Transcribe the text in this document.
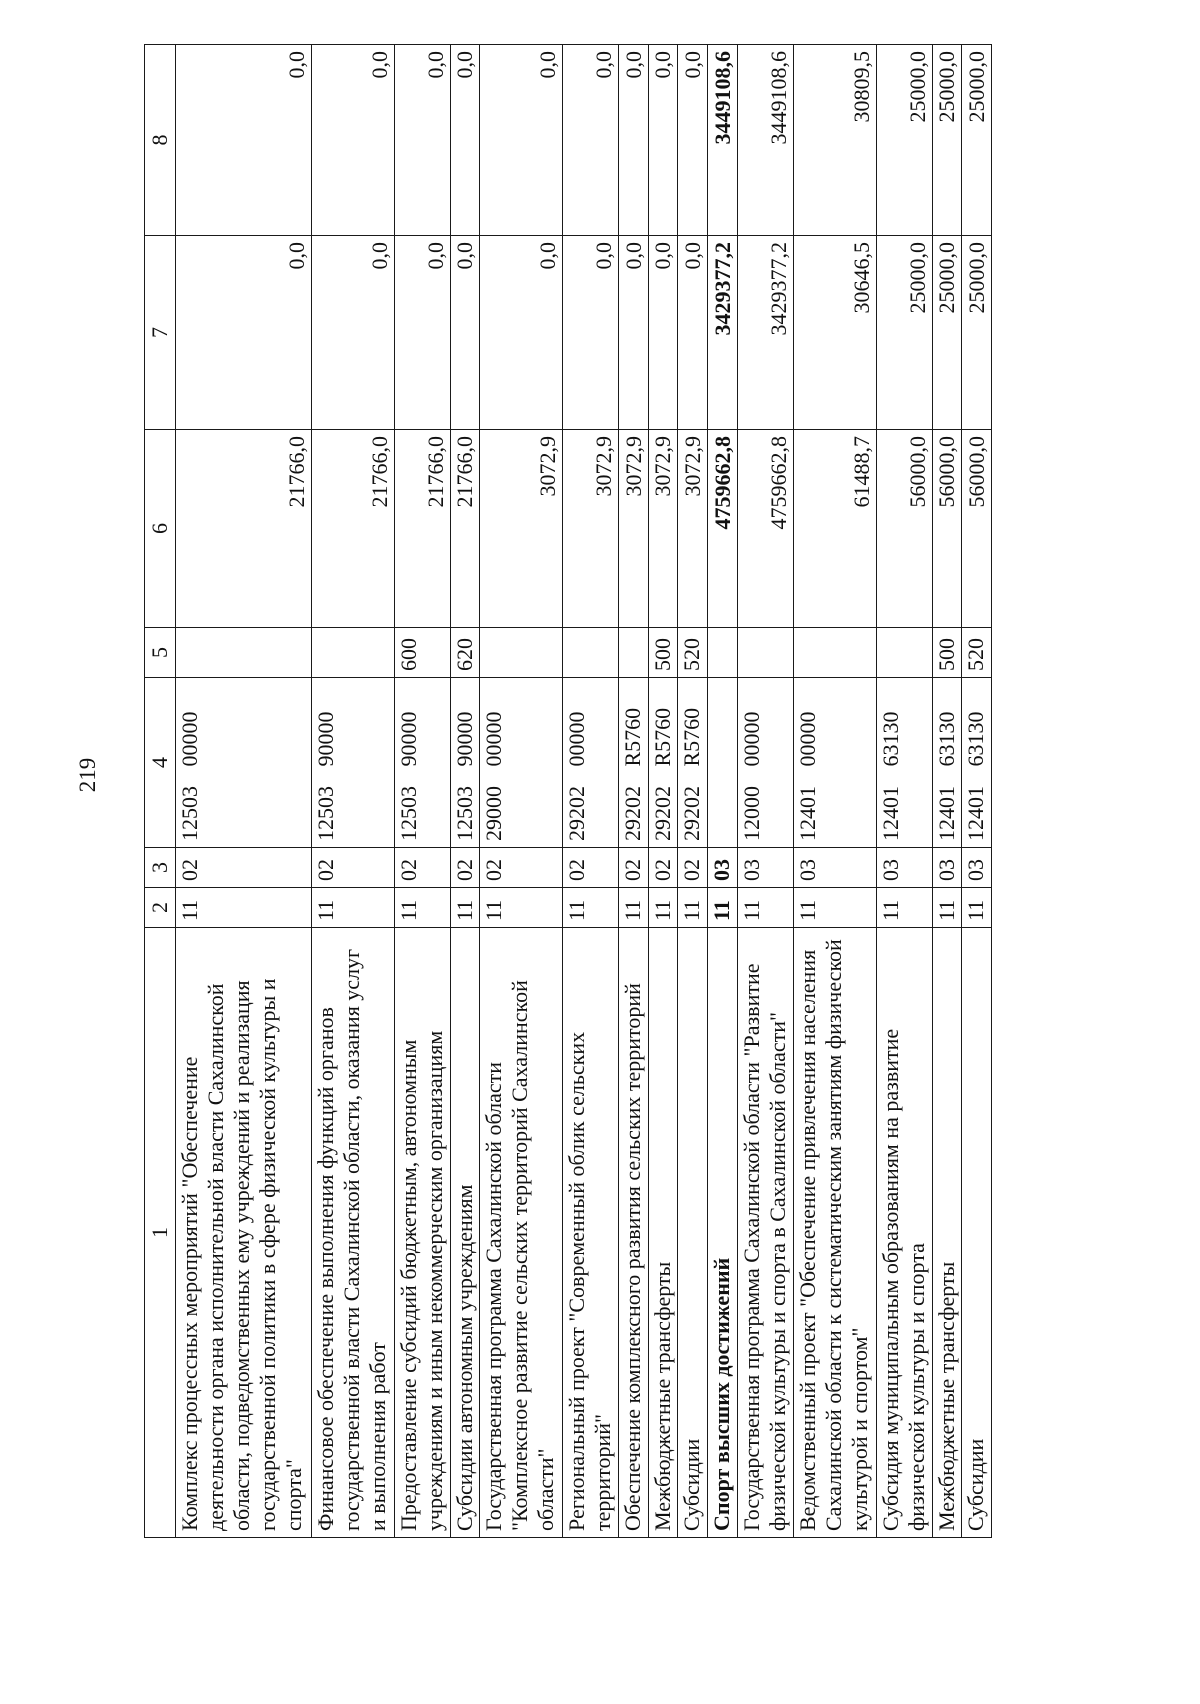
219
1	2	3	4	5	6	7	8
Комплекс процессных мероприятий "Обеспечение деятельности органа исполнительной власти Сахалинской области, подведомственных ему учреждений и реализация государственной политики в сфере физической культуры и спорта"	11	02	12503 00000		21766,0	0,0	0,0
Финансовое обеспечение выполнения функций органов государственной власти Сахалинской области, оказания услуг и выполнения работ	11	02	12503 90000		21766,0	0,0	0,0
Предоставление субсидий бюджетным, автономным учреждениям и иным некоммерческим организациям	11	02	12503 90000	600	21766,0	0,0	0,0
Субсидии автономным учреждениям	11	02	12503 90000	620	21766,0	0,0	0,0
Государственная программа Сахалинской области "Комплексное развитие сельских территорий Сахалинской области"	11	02	29000 00000		3072,9	0,0	0,0
Региональный проект "Современный облик сельских территорий"	11	02	29202 00000		3072,9	0,0	0,0
Обеспечение комплексного развития сельских территорий	11	02	29202 R5760		3072,9	0,0	0,0
Межбюджетные трансферты	11	02	29202 R5760	500	3072,9	0,0	0,0
Субсидии	11	02	29202 R5760	520	3072,9	0,0	0,0
Спорт высших достижений	11	03			4759662,8	3429377,2	3449108,6
Государственная программа Сахалинской области "Развитие физической культуры и спорта в Сахалинской области"	11	03	12000 00000		4759662,8	3429377,2	3449108,6
Ведомственный проект "Обеспечение привлечения населения Сахалинской области к систематическим занятиям физической культурой и спортом"	11	03	12401 00000		61488,7	30646,5	30809,5
Субсидия муниципальным образованиям на развитие физической культуры и спорта	11	03	12401 63130		56000,0	25000,0	25000,0
Межбюджетные трансферты	11	03	12401 63130	500	56000,0	25000,0	25000,0
Субсидии	11	03	12401 63130	520	56000,0	25000,0	25000,0
